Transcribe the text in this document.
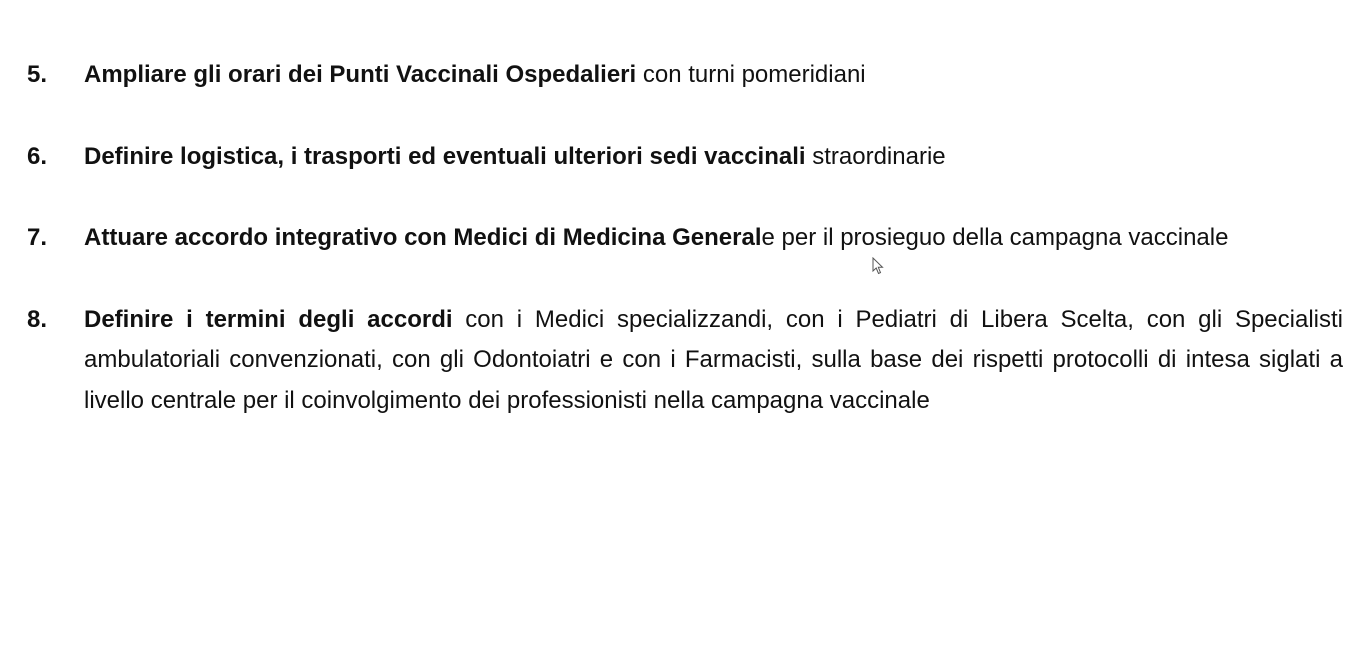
5. Ampliare gli orari dei Punti Vaccinali Ospedalieri con turni pomeridiani
6. Definire logistica, i trasporti ed eventuali ulteriori sedi vaccinali straordinarie
7. Attuare accordo integrativo con Medici di Medicina Generale per il prosieguo della campagna vaccinale
8. Definire i termini degli accordi con i Medici specializzandi, con i Pediatri di Libera Scelta, con gli Specialisti ambulatoriali convenzionati, con gli Odontoiatri e con i Farmacisti, sulla base dei rispetti protocolli di intesa siglati a livello centrale per il coinvolgimento dei professionisti nella campagna vaccinale
